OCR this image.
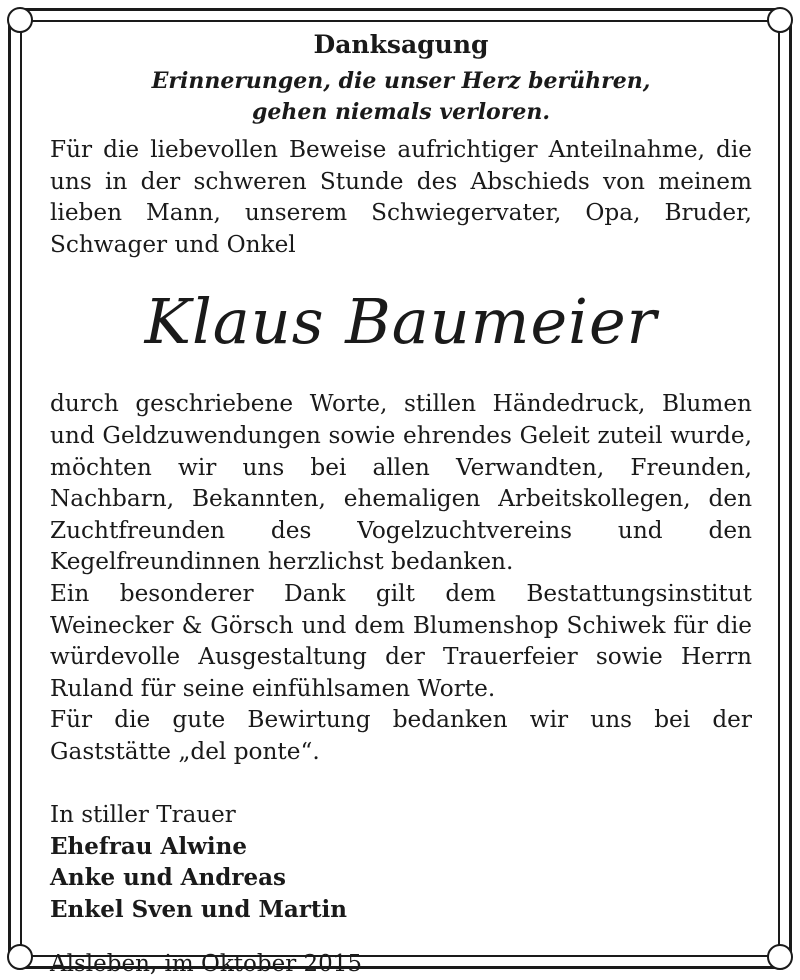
Danksagung

Erinnerungen, die unser Herz berühren,
gehen niemals verloren.

Für die liebevollen Beweise aufrichtiger Anteilnahme, die uns in der schweren Stunde des Abschieds von meinem lieben Mann, unserem Schwiegervater, Opa, Bruder, Schwager und Onkel

Klaus Baumeier

durch geschriebene Worte, stillen Händedruck, Blumen und Geldzuwendungen sowie ehrendes Geleit zuteil wurde, möchten wir uns bei allen Verwandten, Freunden, Nachbarn, Bekannten, ehemaligen Arbeitskollegen, den Zuchtfreunden des Vogelzuchtvereins und den Kegelfreundinnen herzlichst bedanken.

Ein besonderer Dank gilt dem Bestattungsinstitut Weinecker & Görsch und dem Blumenshop Schiwek für die würdevolle Ausgestaltung der Trauerfeier sowie Herrn Ruland für seine einfühlsamen Worte.

Für die gute Bewirtung bedanken wir uns bei der Gaststätte „del ponte“.

In stiller Trauer
Ehefrau Alwine
Anke und Andreas
Enkel Sven und Martin

Alsleben, im Oktober 2015
